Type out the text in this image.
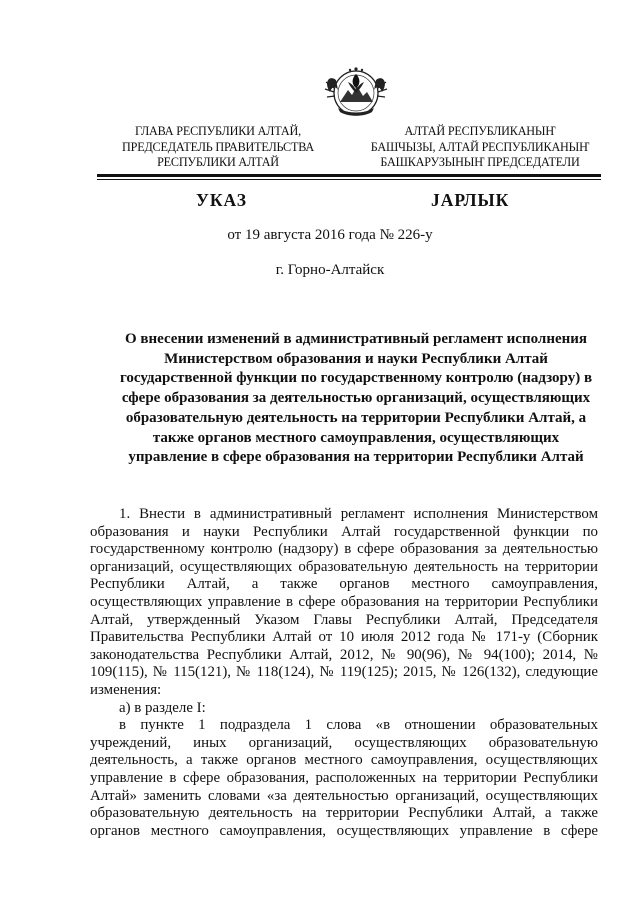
ГЛАВА РЕСПУБЛИКИ АЛТАЙ,
ПРЕДСЕДАТЕЛЬ ПРАВИТЕЛЬСТВА
РЕСПУБЛИКИ АЛТАЙ
АЛТАЙ РЕСПУБЛИКАНЫҤ
БАШЧЫЗЫ, АЛТАЙ РЕСПУБЛИКАНЫҤ
БАШКАРУЗЫНЫҤ ПРЕДСЕДАТЕЛИ
УКАЗ	JАРЛЫК
от 19 августа 2016 года № 226-у
г. Горно-Алтайск
О внесении изменений в административный регламент исполнения Министерством образования и науки Республики Алтай государственной функции по государственному контролю (надзору) в сфере образования за деятельностью организаций, осуществляющих образовательную деятельность на территории Республики Алтай, а также органов местного самоуправления, осуществляющих управление в сфере образования на территории Республики Алтай

1. Внести в административный регламент исполнения Министерством образования и науки Республики Алтай государственной функции по государственному контролю (надзору) в сфере образования за деятельностью организаций, осуществляющих образовательную деятельность на территории Республики Алтай, а также органов местного самоуправления, осуществляющих управление в сфере образования на территории Республики Алтай, утвержденный Указом Главы Республики Алтай, Председателя Правительства Республики Алтай от 10 июля 2012 года № 171-у (Сборник законодательства Республики Алтай, 2012, № 90(96), № 94(100); 2014, № 109(115), № 115(121), № 118(124), № 119(125); 2015, № 126(132), следующие изменения:

а) в разделе I:

в пункте 1 подраздела 1 слова «в отношении образовательных учреждений, иных организаций, осуществляющих образовательную деятельность, а также органов местного самоуправления, осуществляющих управление в сфере образования, расположенных на территории Республики Алтай» заменить словами «за деятельностью организаций, осуществляющих образовательную деятельность на территории Республики Алтай, а также органов местного самоуправления, осуществляющих управление в сфере
